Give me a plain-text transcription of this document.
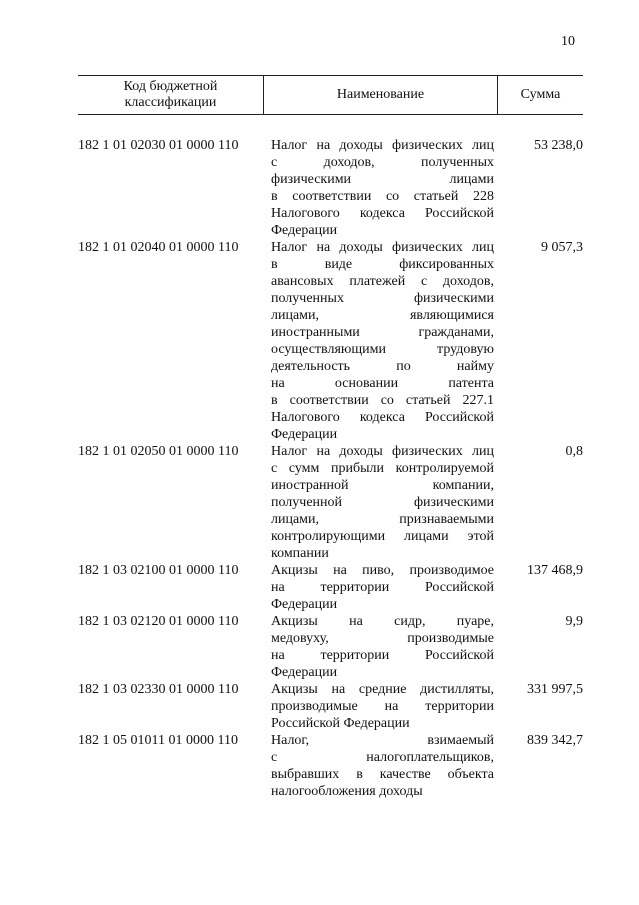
10
Код бюджетной классификации
Наименование	Сумма
182 1 01 02030 01 0000 110	Налог на доходы физических лиц
с доходов, полученных
физическими лицами
в соответствии со статьей 228
Налогового кодекса Российской
Федерации
53 238,0
182 1 01 02040 01 0000 110	Налог на доходы физических лиц
в виде фиксированных
авансовых платежей с доходов,
полученных физическими
лицами, являющимися
иностранными гражданами,
осуществляющими трудовую
деятельность по найму
на основании патента
в соответствии со статьей 227.1
Налогового кодекса Российской
Федерации
9 057,3
182 1 01 02050 01 0000 110	Налог на доходы физических лиц
с сумм прибыли контролируемой
иностранной компании,
полученной физическими
лицами, признаваемыми
контролирующими лицами этой
компании
0,8
182 1 03 02100 01 0000 110	Акцизы на пиво, производимое
на территории Российской
Федерации
137 468,9
182 1 03 02120 01 0000 110	Акцизы на сидр, пуаре,
медовуху, производимые
на территории Российской
Федерации
9,9
182 1 03 02330 01 0000 110	Акцизы на средние дистилляты,
производимые на территории
Российской Федерации
331 997,5
182 1 05 01011 01 0000 110	Налог, взимаемый
с налогоплательщиков,
выбравших в качестве объекта
налогообложения доходы
839 342,7
